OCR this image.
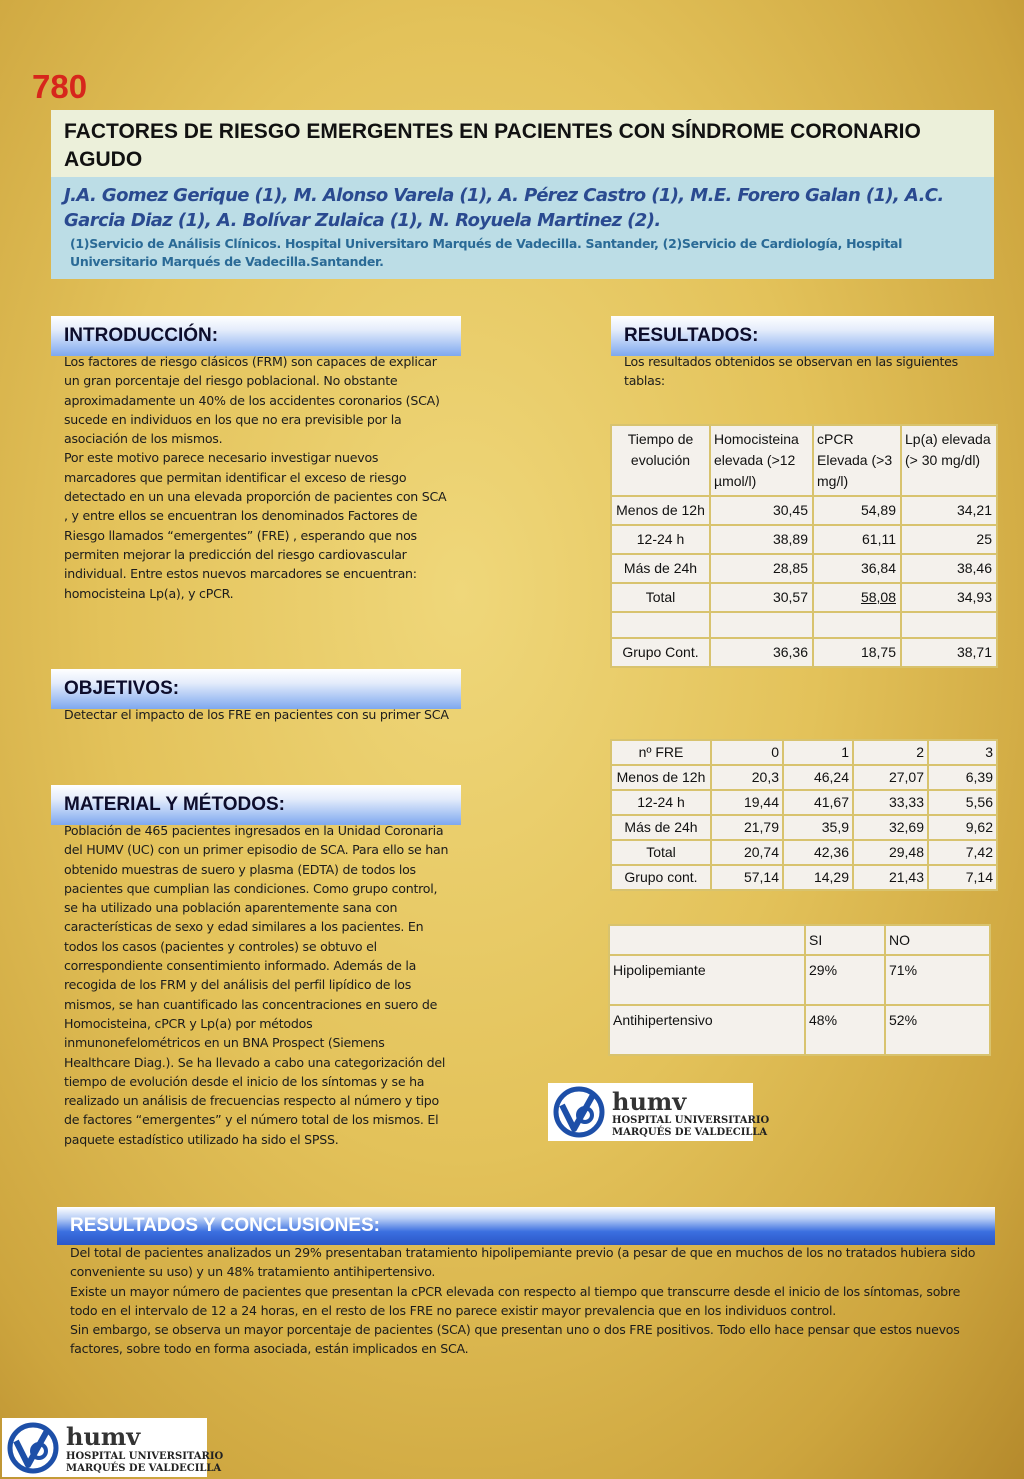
780
FACTORES DE RIESGO EMERGENTES EN PACIENTES CON SÍNDROME CORONARIO AGUDO
J.A. Gomez Gerique (1), M. Alonso Varela (1), A. Pérez Castro (1), M.E. Forero Galan (1), A.C. Garcia Diaz (1), A. Bolívar Zulaica (1), N. Royuela Martinez (2).
(1)Servicio de Análisis Clínicos. Hospital Universitaro Marqués de Vadecilla. Santander, (2)Servicio de Cardiología, Hospital Universitario Marqués de Vadecilla.Santander.
INTRODUCCIÓN:

Los factores de riesgo clásicos (FRM) son capaces de explicar un gran porcentaje del riesgo poblacional. No obstante aproximadamente un 40% de los accidentes coronarios (SCA) sucede en individuos en los que no era previsible por la asociación de los mismos.

Por este motivo parece necesario investigar nuevos marcadores que permitan identificar el exceso de riesgo detectado en un una elevada proporción de pacientes con SCA , y entre ellos se encuentran los denominados Factores de Riesgo llamados “emergentes” (FRE) , esperando que nos permiten mejorar la predicción del riesgo cardiovascular individual. Entre estos nuevos marcadores se encuentran: homocisteina Lp(a), y cPCR.

OBJETIVOS:
Detectar el impacto de los FRE en pacientes con su primer SCA
MATERIAL Y MÉTODOS:
Población de 465 pacientes ingresados en la Unidad Coronaria del HUMV (UC) con un primer episodio de SCA. Para ello se han obtenido muestras de suero y plasma (EDTA) de todos los pacientes que cumplian las condiciones. Como grupo control, se ha utilizado una población aparentemente sana con características de sexo y edad similares a los pacientes. En todos los casos (pacientes y controles) se obtuvo el correspondiente consentimiento informado. Además de la recogida de los FRM y del análisis del perfil lipídico de los mismos, se han cuantificado las concentraciones en suero de Homocisteina, cPCR y Lp(a) por métodos inmunonefelométricos en un BNA Prospect (Siemens Healthcare Diag.). Se ha llevado a cabo una categorización del tiempo de evolución desde el inicio de los síntomas y se ha realizado un análisis de frecuencias respecto al número y tipo de factores “emergentes” y el número total de los mismos. El paquete estadístico utilizado ha sido el SPSS.
RESULTADOS:
Los resultados obtenidos se observan en las siguientes tablas:
Tiempo de evolución	Homocisteina elevada (>12 µmol/l)	cPCR Elevada (>3 mg/l)	Lp(a) elevada (> 30 mg/dl)
Menos de 12h	30,45	54,89	34,21
12-24 h	38,89	61,11	25
Más de 24h	28,85	36,84	38,46
Total	30,57	58,08	34,93

Grupo Cont.	36,36	18,75	38,71
nº FRE	0	1	2	3
Menos de 12h	20,3	46,24	27,07	6,39
12-24 h	19,44	41,67	33,33	5,56
Más de 24h	21,79	35,9	32,69	9,62
Total	20,74	42,36	29,48	7,42
Grupo cont.	57,14	14,29	21,43	7,14
	SI	NO
Hipolipemiante	29%	71%
Antihipertensivo	48%	52%
humv
HOSPITAL UNIVERSITARIO
MARQUÉS DE VALDECILLA
RESULTADOS Y CONCLUSIONES:

Del total de pacientes analizados un 29% presentaban tratamiento hipolipemiante previo (a pesar de que en muchos de los no tratados hubiera sido conveniente su uso) y un 48% tratamiento antihipertensivo.

Existe un mayor número de pacientes que presentan la cPCR elevada con respecto al tiempo que transcurre desde el inicio de los síntomas, sobre todo en el intervalo de 12 a 24 horas, en el resto de los FRE no parece existir mayor prevalencia que en los individuos control.

Sin embargo, se observa un mayor porcentaje de pacientes (SCA) que presentan uno o dos FRE positivos. Todo ello hace pensar que estos nuevos factores, sobre todo en forma asociada, están implicados en SCA.

humv
HOSPITAL UNIVERSITARIO
MARQUÉS DE VALDECILLA
